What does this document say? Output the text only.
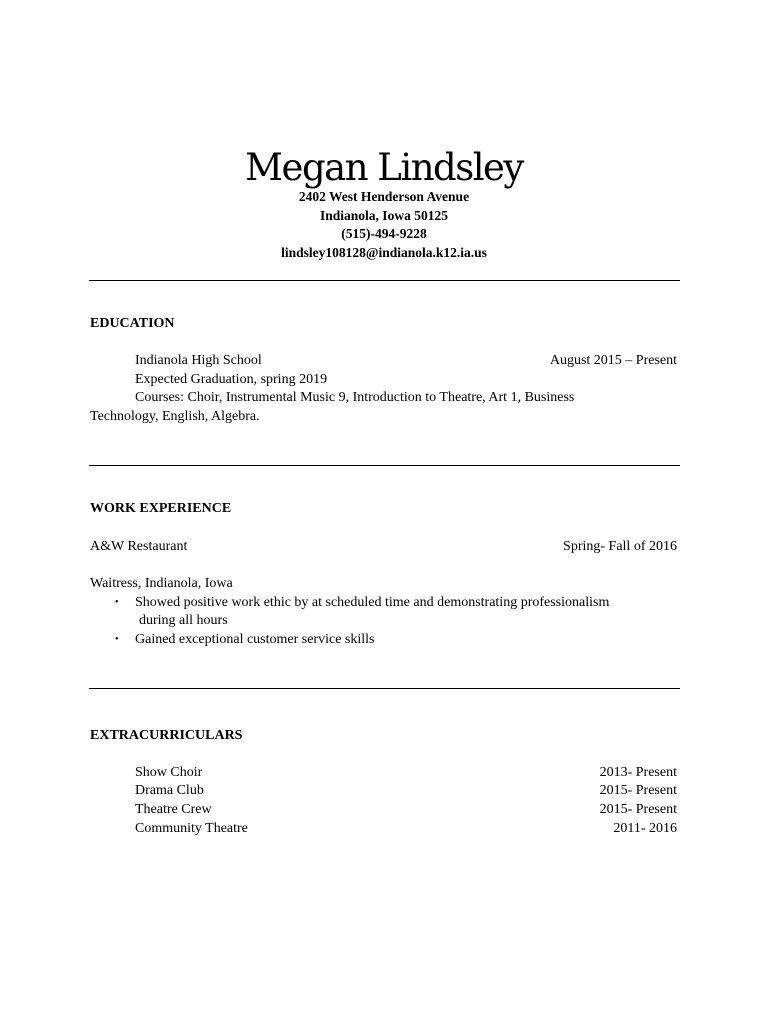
Megan Lindsley
2402 West Henderson Avenue
Indianola, Iowa 50125
(515)-494-9228
lindsley108128@indianola.k12.ia.us
EDUCATION
Indianola High School	August 2015 – Present
Expected Graduation, spring 2019
Courses: Choir, Instrumental Music 9, Introduction to Theatre, Art 1, Business
Technology, English, Algebra.
WORK EXPERIENCE
A&W Restaurant	Spring- Fall of 2016
Waitress, Indianola, Iowa
• Showed positive work ethic by at scheduled time and demonstrating professionalism
during all hours
• Gained exceptional customer service skills
EXTRACURRICULARS
Show Choir	2013- Present
Drama Club	2015- Present
Theatre Crew	2015- Present
Community Theatre	2011- 2016
